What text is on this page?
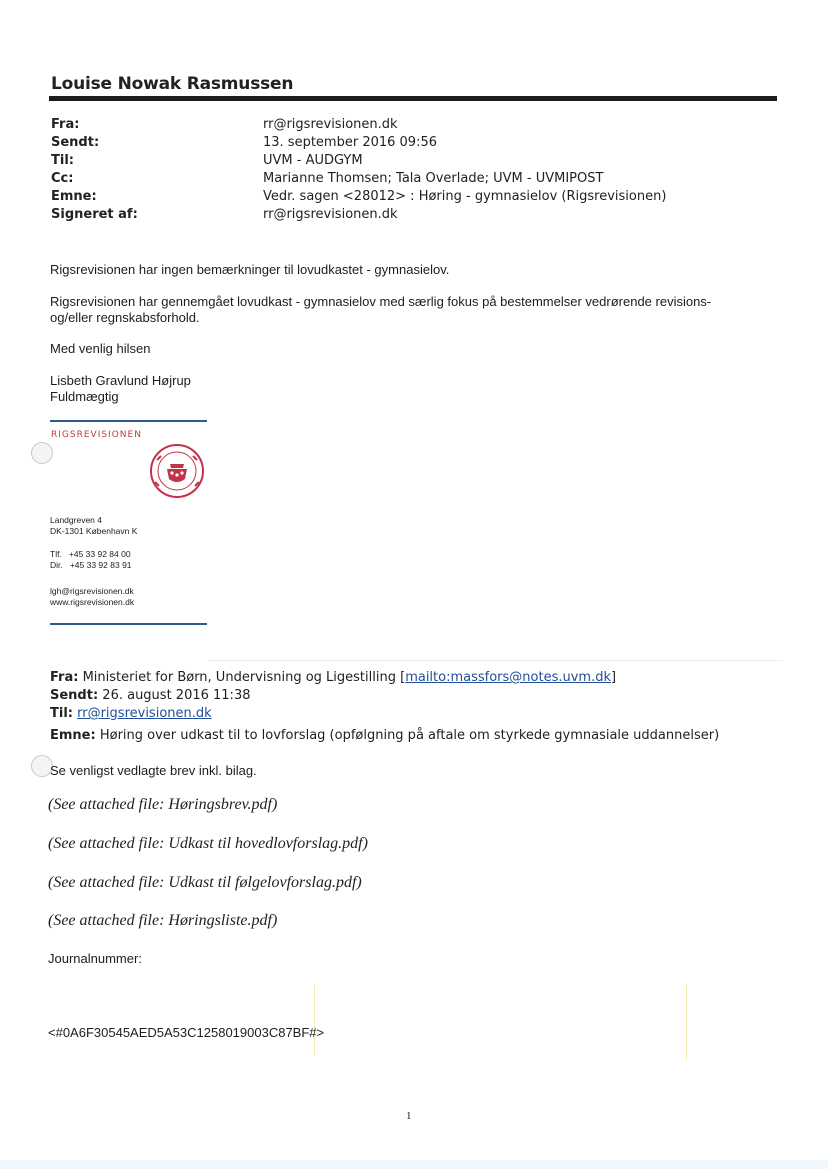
Louise Nowak Rasmussen
Fra:	rr@rigsrevisionen.dk
Sendt:	13. september 2016 09:56
Til:	UVM - AUDGYM
Cc:	Marianne Thomsen; Tala Overlade; UVM - UVMIPOST
Emne:	Vedr. sagen <28012> : Høring - gymnasielov (Rigsrevisionen)
Signeret af:	rr@rigsrevisionen.dk
Rigsrevisionen har ingen bemærkninger til lovudkastet - gymnasielov.
Rigsrevisionen har gennemgået lovudkast - gymnasielov med særlig fokus på bestemmelser vedrørende revisions-
og/eller regnskabsforhold.
Med venlig hilsen
Lisbeth Gravlund Højrup
Fuldmægtig
RIGSREVISIONEN
Landgreven 4
DK-1301 København K
Tlf.   +45 33 92 84 00
Dir.   +45 33 92 83 91
lgh@rigsrevisionen.dk
www.rigsrevisionen.dk
Fra: Ministeriet for Børn, Undervisning og Ligestilling [mailto:massfors@notes.uvm.dk]
Sendt: 26. august 2016 11:38
Til: rr@rigsrevisionen.dk
Emne: Høring over udkast til to lovforslag (opfølgning på aftale om styrkede gymnasiale uddannelser)
Se venligst vedlagte brev inkl. bilag.
(See attached file: Høringsbrev.pdf)
(See attached file: Udkast til hovedlovforslag.pdf)
(See attached file: Udkast til følgelovforslag.pdf)
(See attached file: Høringsliste.pdf)
Journalnummer:
<#0A6F30545AED5A53C1258019003C87BF#>
1
